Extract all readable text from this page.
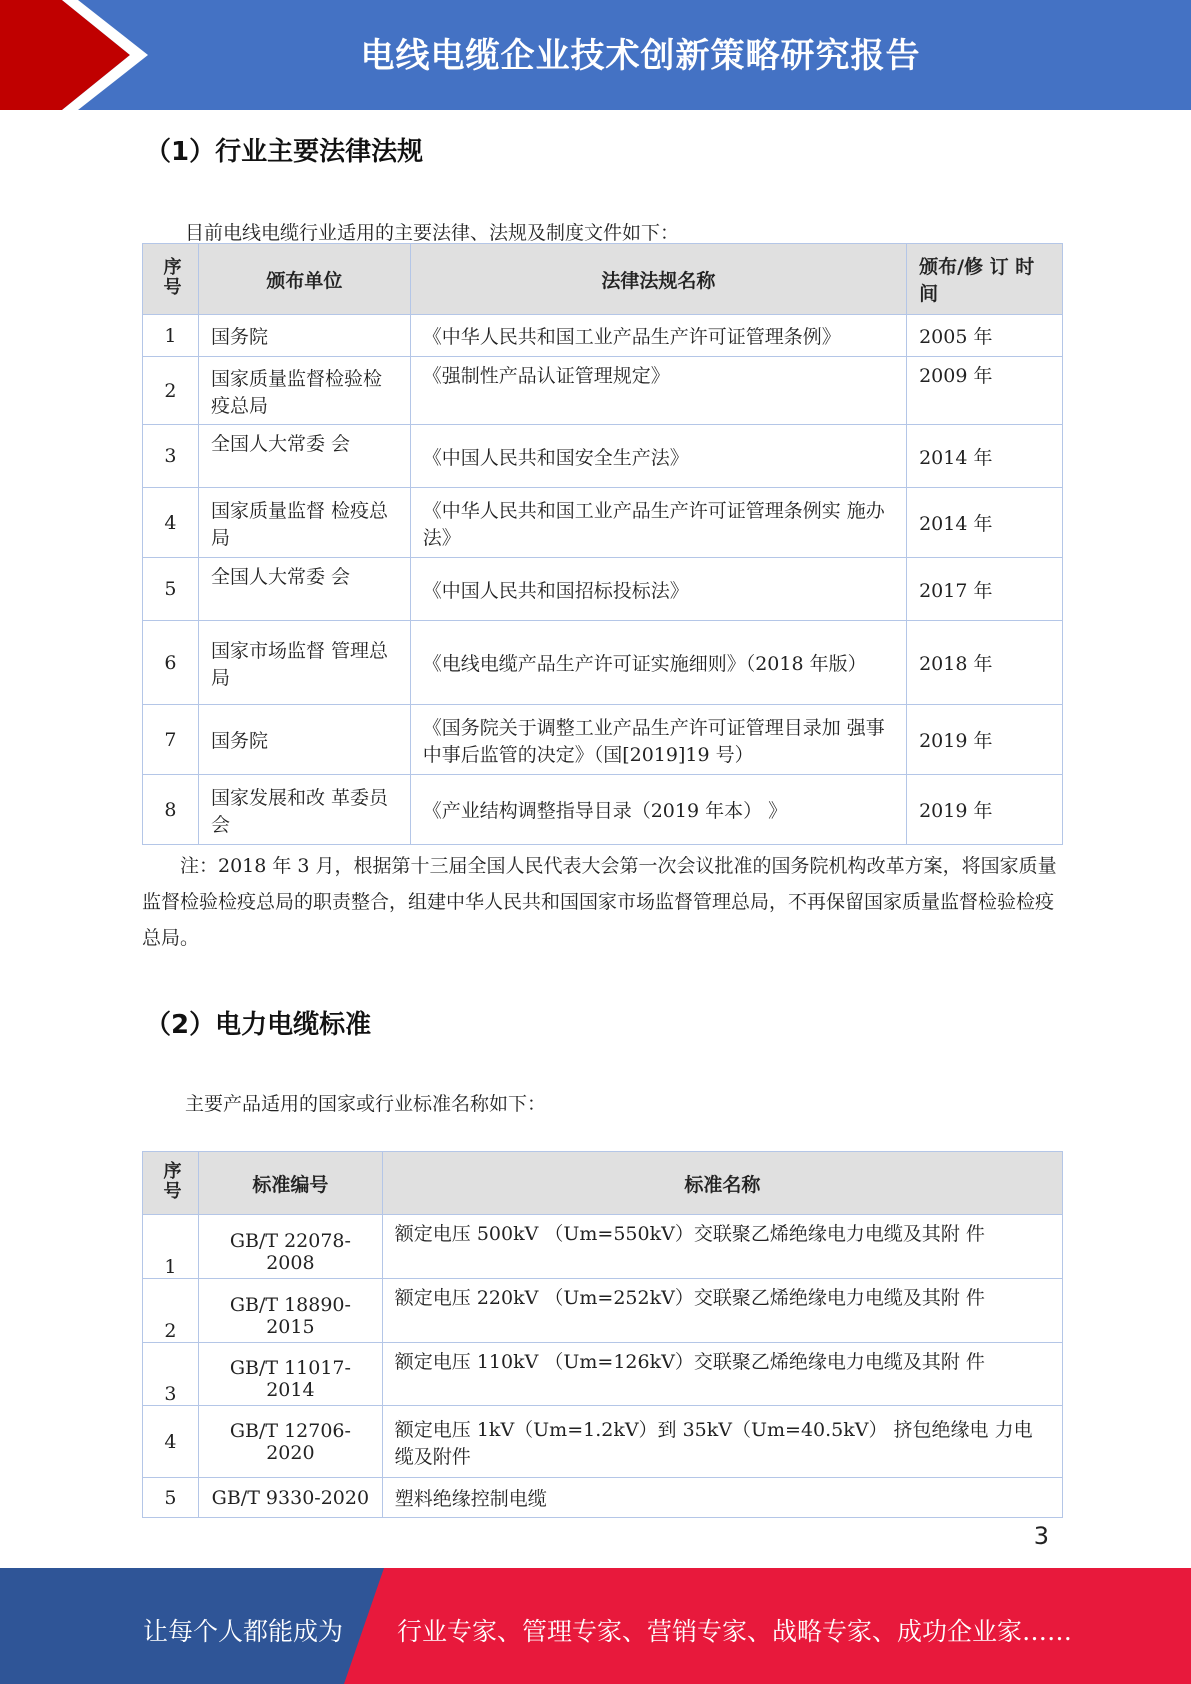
电线电缆企业技术创新策略研究报告
（1）行业主要法律法规
目前电线电缆行业适用的主要法律、法规及制度文件如下：
序号	颁布单位	法律法规名称	颁布/修 订 时间
1	国务院	《中华人民共和国工业产品生产许可证管理条例》	2005 年
2	国家质量监督检验检疫总局	《强制性产品认证管理规定》	2009 年
3	全国人大常委 会	《中国人民共和国安全生产法》	2014 年
4	国家质量监督 检疫总局	《中华人民共和国工业产品生产许可证管理条例实 施办法》	2014 年
5	全国人大常委 会	《中国人民共和国招标投标法》	2017 年
6	国家市场监督 管理总局	《电线电缆产品生产许可证实施细则》（2018 年版）	2018 年
7	国务院	《国务院关于调整工业产品生产许可证管理目录加 强事中事后监管的决定》（国[2019]19 号）	2019 年
8	国家发展和改 革委员会	《产业结构调整指导目录（2019 年本） 》	2019 年
注：2018 年 3 月，根据第十三届全国人民代表大会第一次会议批准的国务院机构改革方案，将国家质量监督检验检疫总局的职责整合，组建中华人民共和国国家市场监督管理总局，不再保留国家质量监督检验检疫总局。
（2）电力电缆标准
主要产品适用的国家或行业标准名称如下：
序号	标准编号	标准名称
1	GB/T 22078-2008	额定电压 500kV （Um=550kV）交联聚乙烯绝缘电力电缆及其附 件
2	GB/T 18890-2015	额定电压 220kV （Um=252kV）交联聚乙烯绝缘电力电缆及其附 件
3	GB/T 11017-2014	额定电压 110kV （Um=126kV）交联聚乙烯绝缘电力电缆及其附 件
4	GB/T 12706-2020	额定电压 1kV（Um=1.2kV）到 35kV（Um=40.5kV） 挤包绝缘电 力电缆及附件
5	GB/T 9330-2020	塑料绝缘控制电缆
3
让每个人都能成为 行业专家、管理专家、营销专家、战略专家、成功企业家……
